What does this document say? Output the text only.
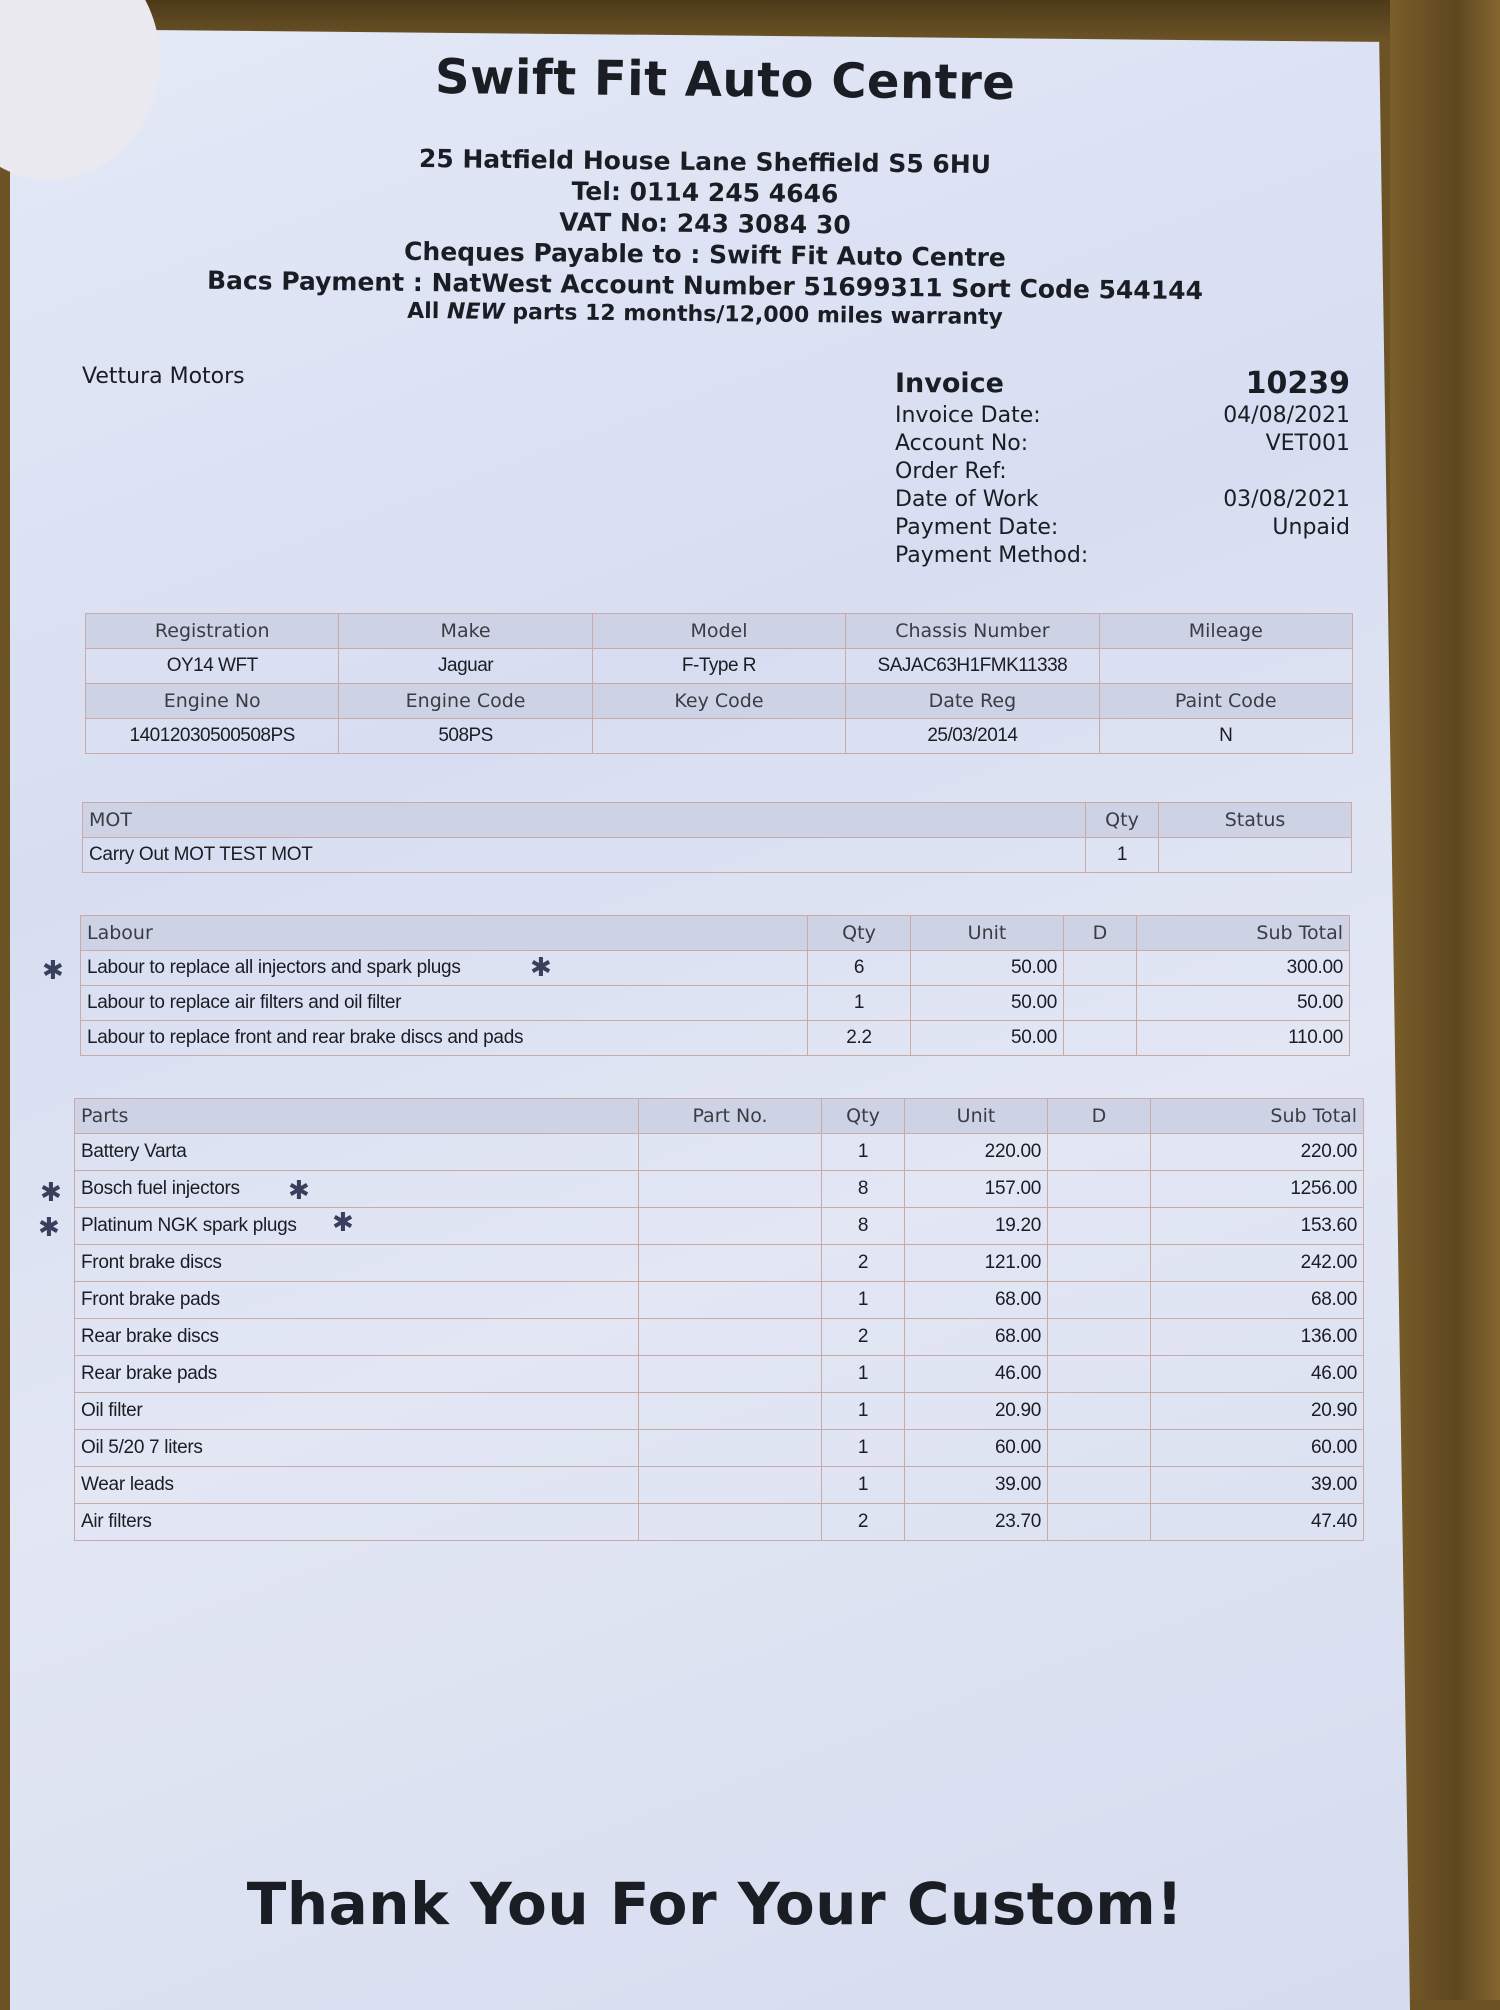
Swift Fit Auto Centre
25 Hatfield House Lane Sheffield S5 6HU
Tel: 0114 245 4646
VAT No: 243 3084 30
Cheques Payable to : Swift Fit Auto Centre
Bacs Payment : NatWest Account Number 51699311 Sort Code 544144
All NEW parts 12 months/12,000 miles warranty
Vettura Motors	Invoice	10239
Invoice Date:	04/08/2021
Account No:	VET001
Order Ref:
Date of Work	03/08/2021
Payment Date:	Unpaid
Payment Method:
Registration	Make	Model	Chassis Number	Mileage
OY14 WFT	Jaguar	F-Type R	SAJAC63H1FMK11338	
Engine No	Engine Code	Key Code	Date Reg	Paint Code
14012030500508PS	508PS		25/03/2014	N
MOT	Qty	Status
Carry Out MOT TEST MOT	1	
Labour	Qty	Unit	D	Sub Total
Labour to replace all injectors and spark plugs	6	50.00		300.00
Labour to replace air filters and oil filter	1	50.00		50.00
Labour to replace front and rear brake discs and pads	2.2	50.00		110.00
Parts	Part No.	Qty	Unit	D	Sub Total
Battery Varta		1	220.00		220.00
Bosch fuel injectors		8	157.00		1256.00
Platinum NGK spark plugs		8	19.20		153.60
Front brake discs		2	121.00		242.00
Front brake pads		1	68.00		68.00
Rear brake discs		2	68.00		136.00
Rear brake pads		1	46.00		46.00
Oil filter		1	20.90		20.90
Oil 5/20 7 liters		1	60.00		60.00
Wear leads		1	39.00		39.00
Air filters		2	23.70		47.40
✱	✱
✱	✱
✱	✱
Thank You For Your Custom!
